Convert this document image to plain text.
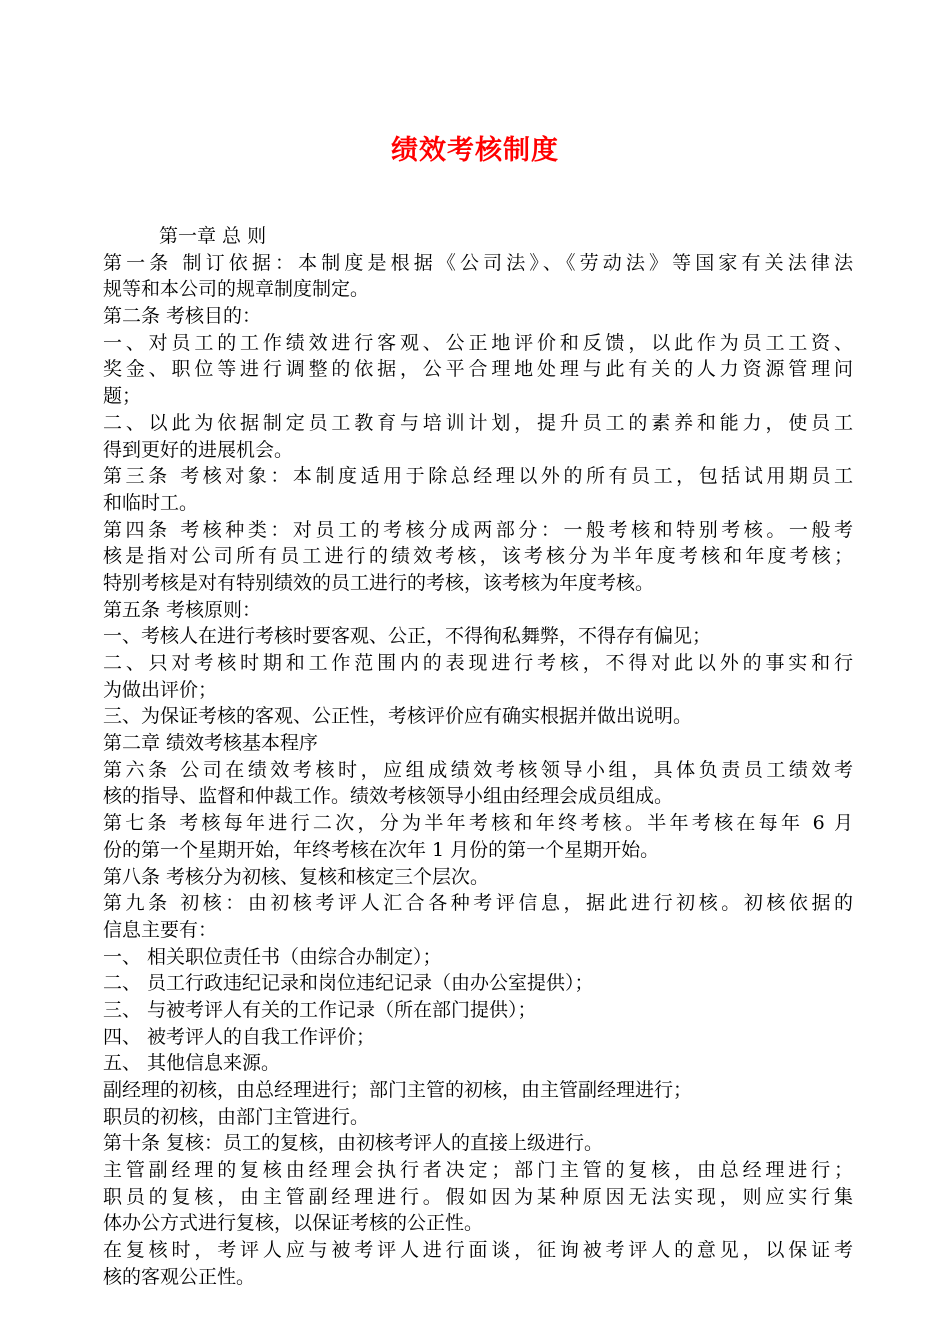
绩效考核制度
第一章 总 则
第一条 制订依据：本制度是根据《公司法》、《劳动法》等国家有关法律法
规等和本公司的规章制度制定。
第二条 考核目的：
一、对员工的工作绩效进行客观、公正地评价和反馈，以此作为员工工资、
奖金、职位等进行调整的依据，公平合理地处理与此有关的人力资源管理问
题；
二、以此为依据制定员工教育与培训计划，提升员工的素养和能力，使员工
得到更好的进展机会。
第三条 考核对象：本制度适用于除总经理以外的所有员工，包括试用期员工
和临时工。
第四条 考核种类：对员工的考核分成两部分：一般考核和特别考核。一般考
核是指对公司所有员工进行的绩效考核，该考核分为半年度考核和年度考核；
特别考核是对有特别绩效的员工进行的考核，该考核为年度考核。
第五条 考核原则：
一、考核人在进行考核时要客观、公正，不得徇私舞弊，不得存有偏见；
二、只对考核时期和工作范围内的表现进行考核，不得对此以外的事实和行
为做出评价；
三、为保证考核的客观、公正性，考核评价应有确实根据并做出说明。
第二章 绩效考核基本程序
第六条 公司在绩效考核时，应组成绩效考核领导小组，具体负责员工绩效考
核的指导、监督和仲裁工作。绩效考核领导小组由经理会成员组成。
第七条 考核每年进行二次，分为半年考核和年终考核。半年考核在每年 6 月
份的第一个星期开始，年终考核在次年 1 月份的第一个星期开始。
第八条 考核分为初核、复核和核定三个层次。
第九条 初核：由初核考评人汇合各种考评信息，据此进行初核。初核依据的
信息主要有：
一、 相关职位责任书（由综合办制定）；
二、 员工行政违纪记录和岗位违纪记录（由办公室提供）；
三、 与被考评人有关的工作记录（所在部门提供）；
四、 被考评人的自我工作评价；
五、 其他信息来源。
副经理的初核，由总经理进行；部门主管的初核，由主管副经理进行；
职员的初核，由部门主管进行。
第十条 复核：员工的复核，由初核考评人的直接上级进行。
主管副经理的复核由经理会执行者决定；部门主管的复核，由总经理进行；
职员的复核，由主管副经理进行。假如因为某种原因无法实现，则应实行集
体办公方式进行复核，以保证考核的公正性。
在复核时，考评人应与被考评人进行面谈，征询被考评人的意见，以保证考
核的客观公正性。
